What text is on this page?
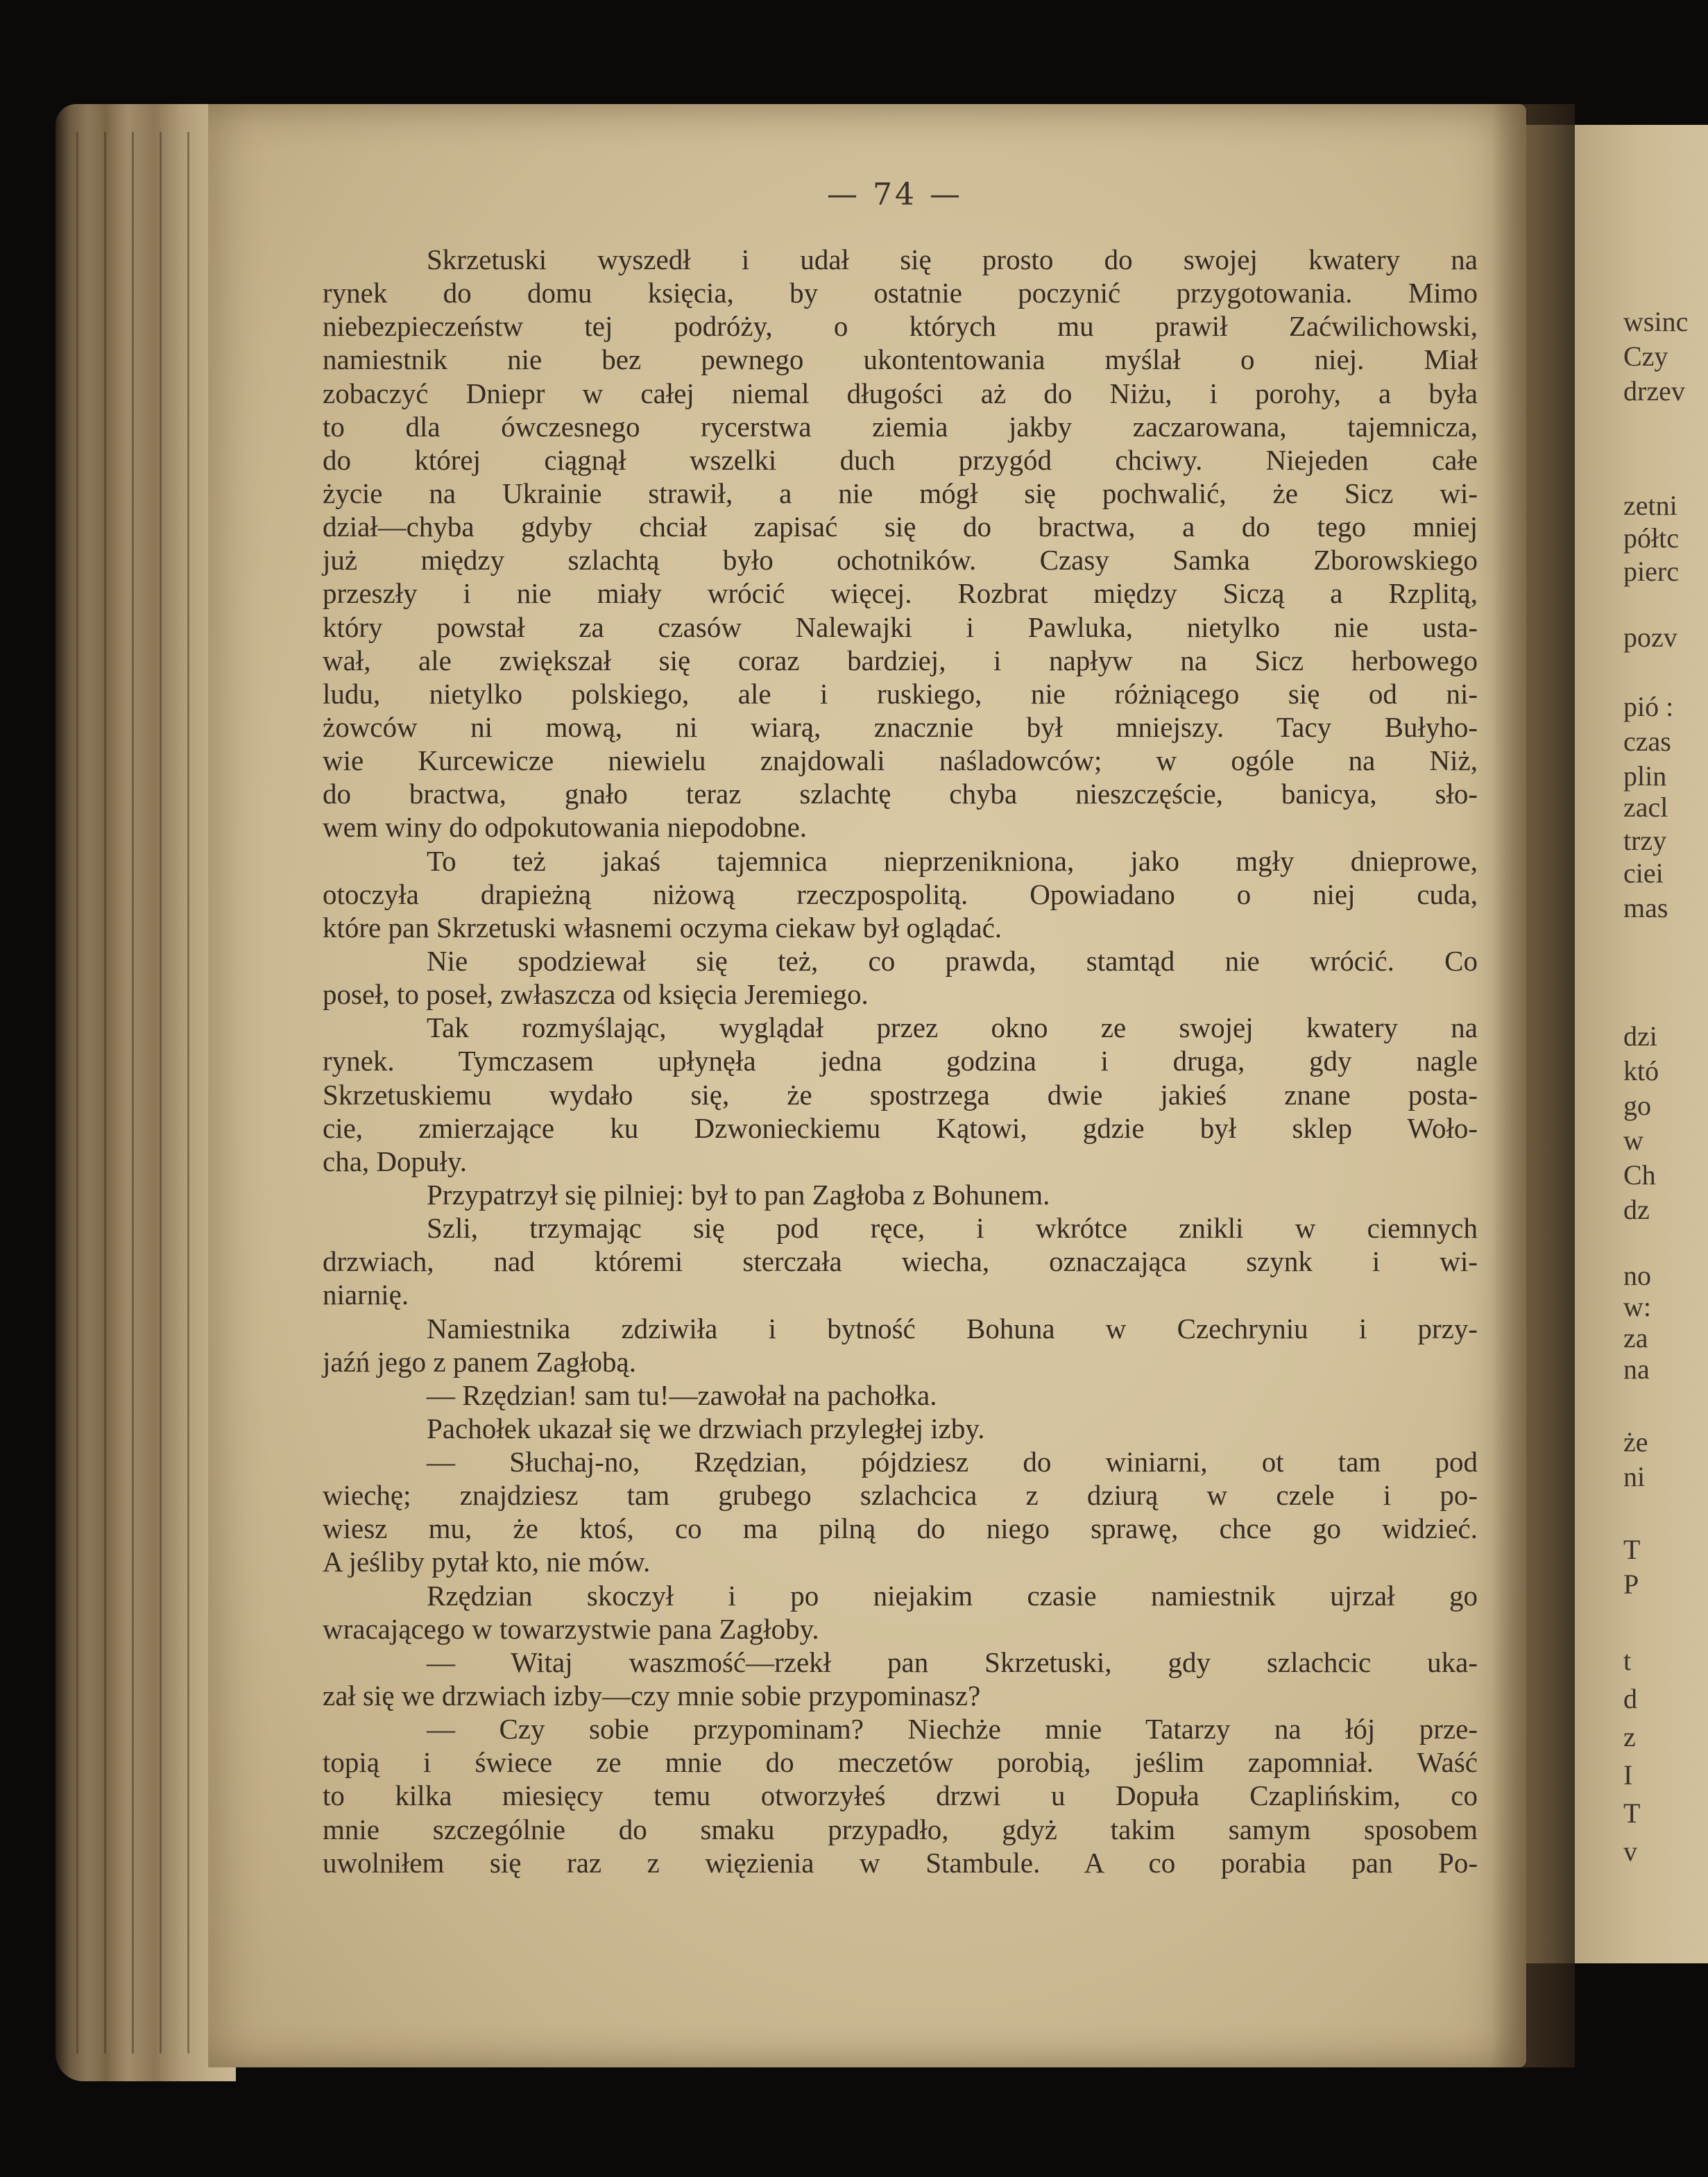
— 74 —
Skrzetuski wyszedł i udał się prosto do swojej kwatery na
rynek do domu księcia, by ostatnie poczynić przygotowania. Mimo
niebezpieczeństw tej podróży, o których mu prawił Zaćwilichowski,
namiestnik nie bez pewnego ukontentowania myślał o niej. Miał
zobaczyć Dniepr w całej niemal długości aż do Niżu, i porohy, a była
to dla ówczesnego rycerstwa ziemia jakby zaczarowana, tajemnicza,
do której ciągnął wszelki duch przygód chciwy. Niejeden całe
życie na Ukrainie strawił, a nie mógł się pochwalić, że Sicz wi-
dział—chyba gdyby chciał zapisać się do bractwa, a do tego mniej
już między szlachtą było ochotników. Czasy Samka Zborowskiego
przeszły i nie miały wrócić więcej. Rozbrat między Siczą a Rzplitą,
który powstał za czasów Nalewajki i Pawluka, nietylko nie usta-
wał, ale zwiększał się coraz bardziej, i napływ na Sicz herbowego
ludu, nietylko polskiego, ale i ruskiego, nie różniącego się od ni-
żowców ni mową, ni wiarą, znacznie był mniejszy. Tacy Bułyho-
wie Kurcewicze niewielu znajdowali naśladowców; w ogóle na Niż,
do bractwa, gnało teraz szlachtę chyba nieszczęście, banicya, sło-
wem winy do odpokutowania niepodobne.
To też jakaś tajemnica nieprzenikniona, jako mgły dnieprowe,
otoczyła drapieżną niżową rzeczpospolitą. Opowiadano o niej cuda,
które pan Skrzetuski własnemi oczyma ciekaw był oglądać.
Nie spodziewał się też, co prawda, stamtąd nie wrócić. Co
poseł, to poseł, zwłaszcza od księcia Jeremiego.
Tak rozmyślając, wyglądał przez okno ze swojej kwatery na
rynek. Tymczasem upłynęła jedna godzina i druga, gdy nagle
Skrzetuskiemu wydało się, że spostrzega dwie jakieś znane posta-
cie, zmierzające ku Dzwonieckiemu Kątowi, gdzie był sklep Woło-
cha, Dopuły.
Przypatrzył się pilniej: był to pan Zagłoba z Bohunem.
Szli, trzymając się pod ręce, i wkrótce znikli w ciemnych
drzwiach, nad któremi sterczała wiecha, oznaczająca szynk i wi-
niarnię.
Namiestnika zdziwiła i bytność Bohuna w Czechryniu i przy-
jaźń jego z panem Zagłobą.
— Rzędzian! sam tu!—zawołał na pachołka.
Pachołek ukazał się we drzwiach przyległej izby.
— Słuchaj-no, Rzędzian, pójdziesz do winiarni, ot tam pod
wiechę; znajdziesz tam grubego szlachcica z dziurą w czele i po-
wiesz mu, że ktoś, co ma pilną do niego sprawę, chce go widzieć.
A jeśliby pytał kto, nie mów.
Rzędzian skoczył i po niejakim czasie namiestnik ujrzał go
wracającego w towarzystwie pana Zagłoby.
— Witaj waszmość—rzekł pan Skrzetuski, gdy szlachcic uka-
zał się we drzwiach izby—czy mnie sobie przypominasz?
— Czy sobie przypominam? Niechże mnie Tatarzy na łój prze-
topią i świece ze mnie do meczetów porobią, jeślim zapomniał. Waść
to kilka miesięcy temu otworzyłeś drzwi u Dopuła Czaplińskim, co
mnie szczególnie do smaku przypadło, gdyż takim samym sposobem
uwolniłem się raz z więzienia w Stambule. A co porabia pan Po-
wsinc
Czy
drzev
zetni
półtc
pierc
pozv
pió :
czas
plin
zacl
trzy
ciei
mas
dzi
któ
go
w
Ch
dz
no
w:
za
na
że
ni
T
P
t
d
z
I
T
v
